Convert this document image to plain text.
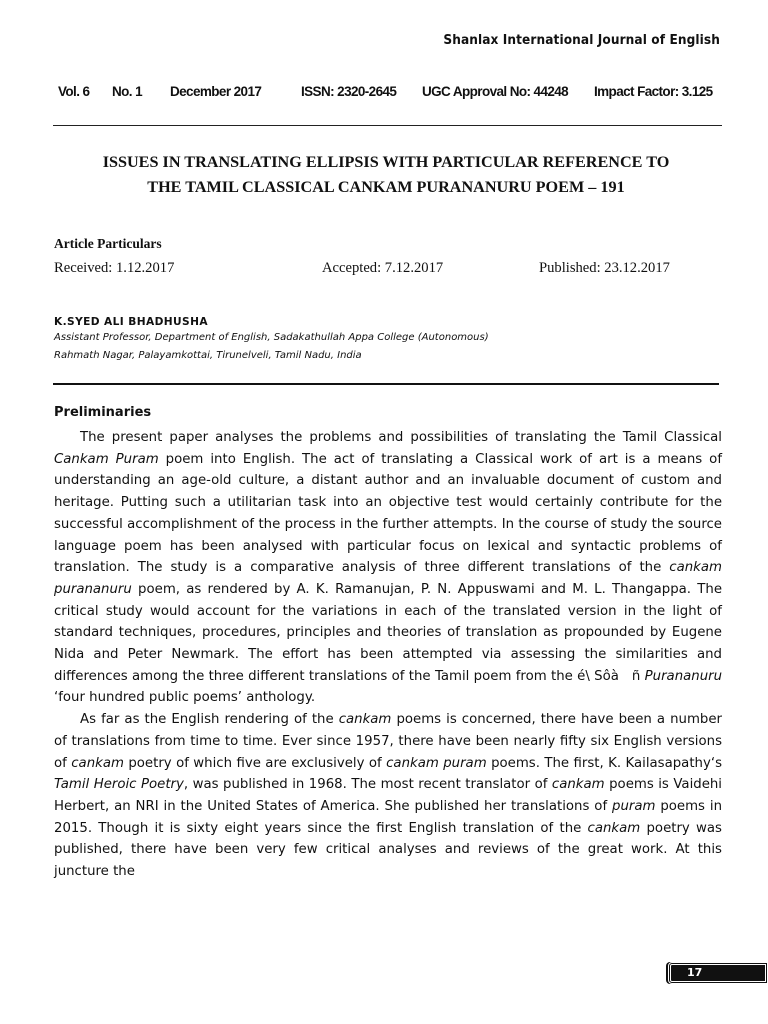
Shanlax International Journal of English
Vol. 6 No. 1 December 2017	ISSN: 2320-2645 UGC Approval No: 44248 Impact Factor: 3.125
ISSUES IN TRANSLATING ELLIPSIS WITH PARTICULAR REFERENCE TO
THE TAMIL CLASSICAL CANKAM PURANANURU POEM – 191
Article Particulars
Received: 1.12.2017	Accepted: 7.12.2017	Published: 23.12.2017
K.SYED ALI BHADHUSHA
Assistant Professor, Department of English, Sadakathullah Appa College (Autonomous)
Rahmath Nagar, Palayamkottai, Tirunelveli, Tamil Nadu, India
Preliminaries

The present paper analyses the problems and possibilities of translating the Tamil Classical Cankam Puram poem into English. The act of translating a Classical work of art is a means of understanding an age-old culture, a distant author and an invaluable document of custom and heritage. Putting such a utilitarian task into an objective test would certainly contribute for the successful accomplishment of the process in the further attempts. In the course of study the source language poem has been analysed with particular focus on lexical and syntactic problems of translation. The study is a comparative analysis of three different translations of the cankam purananuru poem, as rendered by A. K. Ramanujan, P. N. Appuswami and M. L. Thangappa. The critical study would account for the variations in each of the translated version in the light of standard techniques, procedures, principles and theories of translation as propounded by Eugene Nida and Peter Newmark. The effort has been attempted via assessing the similarities and differences among the three different translations of the Tamil poem from the é\ Sôà   ñ Purananuru ‘four hundred public poems’ anthology.

As far as the English rendering of the cankam poems is concerned, there have been a number of translations from time to time. Ever since 1957, there have been nearly fifty six English versions of cankam poetry of which five are exclusively of cankam puram poems. The first, K. Kailasapathy‘s Tamil Heroic Poetry, was published in 1968. The most recent translator of cankam poems is Vaidehi Herbert, an NRI in the United States of America. She published her translations of puram poems in 2015. Though it is sixty eight years since the first English translation of the cankam poetry was published, there have been very few critical analyses and reviews of the great work. At this juncture the

17
